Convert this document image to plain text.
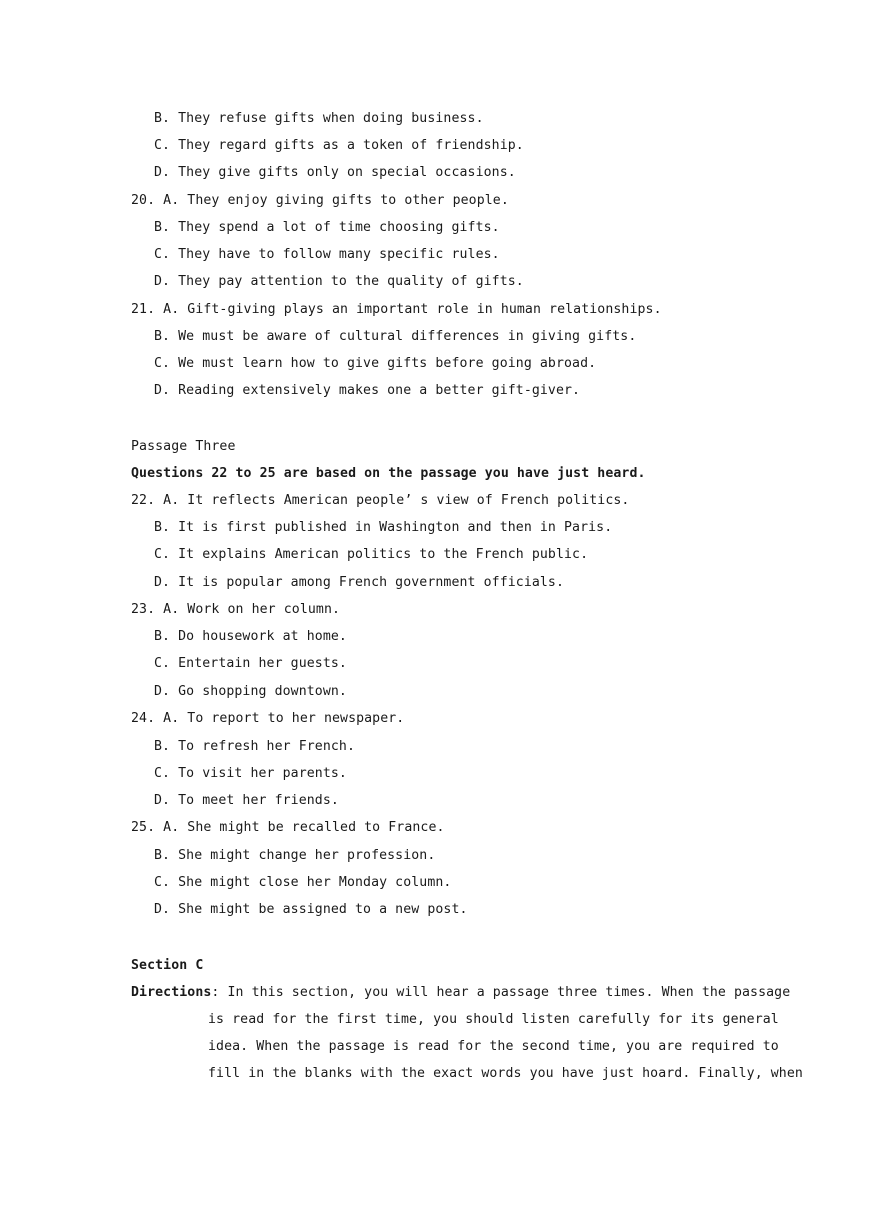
B. They refuse gifts when doing business.
C. They regard gifts as a token of friendship.
D. They give gifts only on special occasions.
20. A. They enjoy giving gifts to other people.
B. They spend a lot of time choosing gifts.
C. They have to follow many specific rules.
D. They pay attention to the quality of gifts.
21. A. Gift-giving plays an important role in human relationships.
B. We must be aware of cultural differences in giving gifts.
C. We must learn how to give gifts before going abroad.
D. Reading extensively makes one a better gift-giver.
Passage Three
Questions 22 to 25 are based on the passage you have just heard.
22. A. It reflects American people’ s view of French politics.
B. It is first published in Washington and then in Paris.
C. It explains American politics to the French public.
D. It is popular among French government officials.
23. A. Work on her column.
B. Do housework at home.
C. Entertain her guests.
D. Go shopping downtown.
24. A. To report to her newspaper.
B. To refresh her French.
C. To visit her parents.
D. To meet her friends.
25. A. She might be recalled to France.
B. She might change her profession.
C. She might close her Monday column.
D. She might be assigned to a new post.
Section C
Directions: In this section, you will hear a passage three times. When the passage
is read for the first time, you should listen carefully for its general
idea. When the passage is read for the second time, you are required to
fill in the blanks with the exact words you have just hoard. Finally, when
